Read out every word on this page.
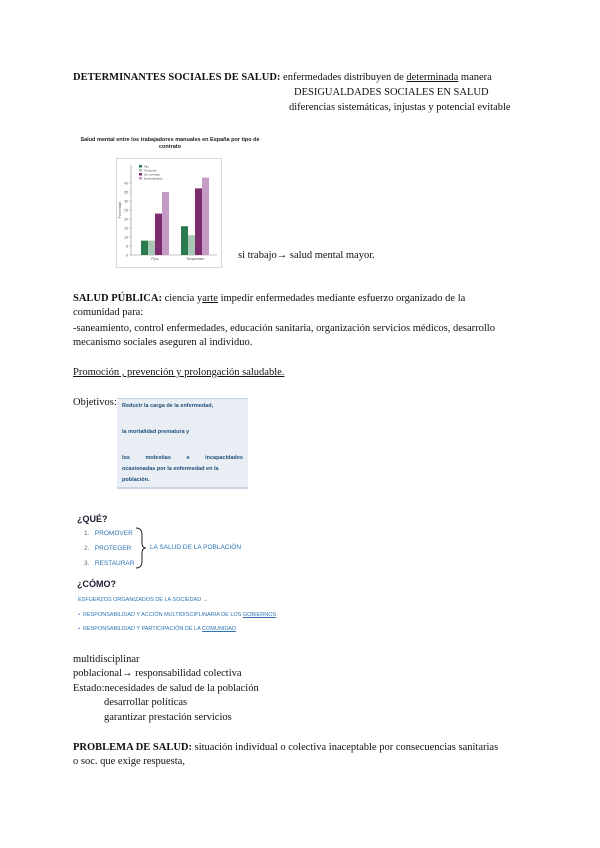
DETERMINANTES SOCIALES DE SALUD: enfermedades distribuyen de determinada manera
DESIGUALDADES SOCIALES EN SALUD
diferencias sistemáticas, injustas y potencial evitable
Salud mental entre los trabajadores manuales en España por tipo de contrato
0
5
10
15
20
25
30
35
40
Porcentaje
Fijo
Temporal
Sin contrato
Desempleado
Fijos	Temporales	si trabajo→ salud mental mayor.
SALUD PÚBLICA: ciencia yarte impedir enfermedades mediante esfuerzo organizado de la
comunidad para:
-saneamiento, control enfermedades, educación sanitaria, organización servicios médicos, desarrollo
mecanismo sociales aseguren al individuo.
Promoción , prevención y prolongación saludable.
Objetivos: Reducir la carga de la enfermedad,
la mortalidad prematura y
los molestias e incapacidades
ocasionadas por la enfermedad en la
población.
¿QUÉ?
1. PROMOVER
2. PROTEGER
3. RESTAURAR
LA SALUD DE LA POBLACIÓN
¿CÓMO?
ESFUERZOS ORGANIZADOS DE LA SOCIEDAD →
• RESPONSABILIDAD Y ACCIÓN MULTIDISCIPLINARIA DE LOS GOBIERNOS
• RESPONSABILIDAD Y PARTICIPACIÓN DE LA COMUNIDAD
multidisciplinar
poblacional→ responsabilidad colectiva
Estado:necesidades de salud de la población
desarrollar políticas
garantizar prestación servicios
PROBLEMA DE SALUD: situación individual o colectiva inaceptable por consecuencias sanitarias
o soc. que exige respuesta,
